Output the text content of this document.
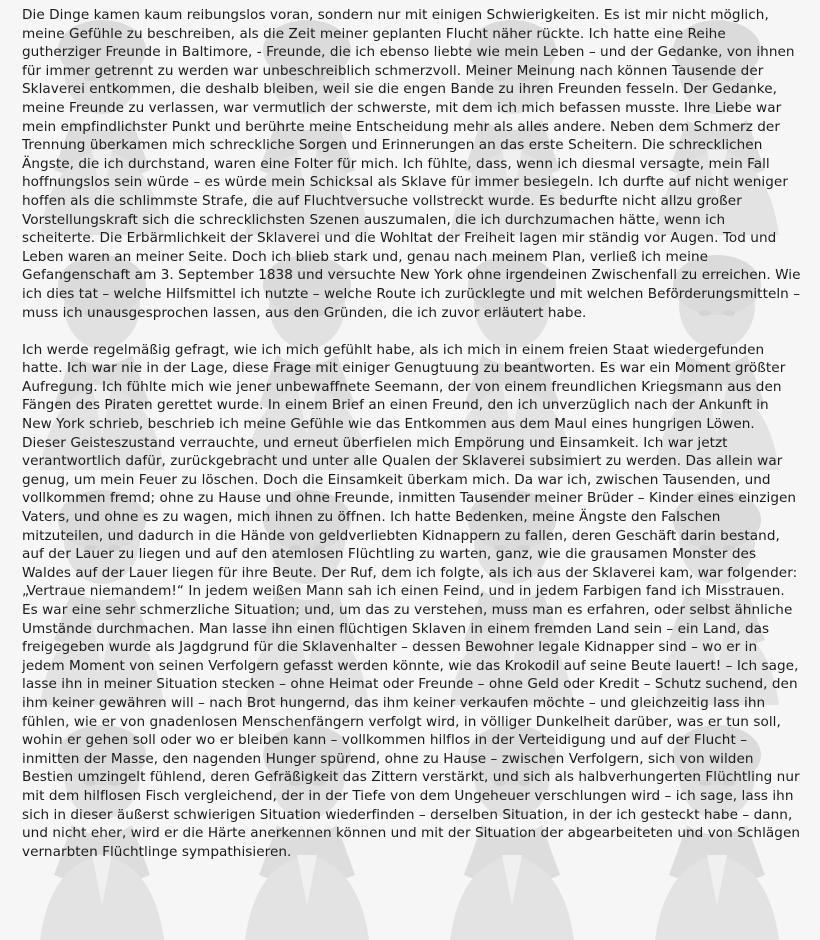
Die Dinge kamen kaum reibungslos voran, sondern nur mit einigen Schwierigkeiten. Es ist mir nicht möglich, meine Gefühle zu beschreiben, als die Zeit meiner geplanten Flucht näher rückte. Ich hatte eine Reihe gutherziger Freunde in Baltimore, - Freunde, die ich ebenso liebte wie mein Leben – und der Gedanke, von ihnen für immer getrennt zu werden war unbeschreiblich schmerzvoll. Meiner Meinung nach können Tausende der Sklaverei entkommen, die deshalb bleiben, weil sie die engen Bande zu ihren Freunden fesseln. Der Gedanke, meine Freunde zu verlassen, war vermutlich der schwerste, mit dem ich mich befassen musste. Ihre Liebe war mein empfindlichster Punkt und berührte meine Entscheidung mehr als alles andere. Neben dem Schmerz der Trennung überkamen mich schreckliche Sorgen und Erinnerungen an das erste Scheitern. Die schrecklichen Ängste, die ich durchstand, waren eine Folter für mich. Ich fühlte, dass, wenn ich diesmal versagte, mein Fall hoffnungslos sein würde – es würde mein Schicksal als Sklave für immer besiegeln. Ich durfte auf nicht weniger hoffen als die schlimmste Strafe, die auf Fluchtversuche vollstreckt wurde. Es bedurfte nicht allzu großer Vorstellungskraft sich die schrecklichsten Szenen auszumalen, die ich durchzumachen hätte, wenn ich scheiterte. Die Erbärmlichkeit der Sklaverei und die Wohltat der Freiheit lagen mir ständig vor Augen. Tod und Leben waren an meiner Seite. Doch ich blieb stark und, genau nach meinem Plan, verließ ich meine Gefangenschaft am 3. September 1838 und versuchte New York ohne irgendeinen Zwischenfall zu erreichen. Wie ich dies tat – welche Hilfsmittel ich nutzte – welche Route ich zurücklegte und mit welchen Beförderungsmitteln – muss ich unausgesprochen lassen, aus den Gründen, die ich zuvor erläutert habe.

Ich werde regelmäßig gefragt, wie ich mich gefühlt habe, als ich mich in einem freien Staat wiedergefunden hatte. Ich war nie in der Lage, diese Frage mit einiger Genugtuung zu beantworten. Es war ein Moment größter Aufregung. Ich fühlte mich wie jener unbewaffnete Seemann, der von einem freundlichen Kriegsmann aus den Fängen des Piraten gerettet wurde. In einem Brief an einen Freund, den ich unverzüglich nach der Ankunft in New York schrieb, beschrieb ich meine Gefühle wie das Entkommen aus dem Maul eines hungrigen Löwen. Dieser Geisteszustand verrauchte, und erneut überfielen mich Empörung und Einsamkeit. Ich war jetzt verantwortlich dafür, zurückgebracht und unter alle Qualen der Sklaverei subsimiert zu werden. Das allein war genug, um mein Feuer zu löschen. Doch die Einsamkeit überkam mich. Da war ich, zwischen Tausenden, und vollkommen fremd; ohne zu Hause und ohne Freunde, inmitten Tausender meiner Brüder – Kinder eines einzigen Vaters, und ohne es zu wagen, mich ihnen zu öffnen. Ich hatte Bedenken, meine Ängste den Falschen mitzuteilen, und dadurch in die Hände von geldverliebten Kidnappern zu fallen, deren Geschäft darin bestand, auf der Lauer zu liegen und auf den atemlosen Flüchtling zu warten, ganz, wie die grausamen Monster des Waldes auf der Lauer liegen für ihre Beute. Der Ruf, dem ich folgte, als ich aus der Sklaverei kam, war folgender: „Vertraue niemandem!“ In jedem weißen Mann sah ich einen Feind, und in jedem Farbigen fand ich Misstrauen. Es war eine sehr schmerzliche Situation; und, um das zu verstehen, muss man es erfahren, oder selbst ähnliche Umstände durchmachen. Man lasse ihn einen flüchtigen Sklaven in einem fremden Land sein – ein Land, das freigegeben wurde als Jagdgrund für die Sklavenhalter – dessen Bewohner legale Kidnapper sind – wo er in jedem Moment von seinen Verfolgern gefasst werden könnte, wie das Krokodil auf seine Beute lauert! – Ich sage, lasse ihn in meiner Situation stecken – ohne Heimat oder Freunde – ohne Geld oder Kredit – Schutz suchend, den ihm keiner gewähren will – nach Brot hungernd, das ihm keiner verkaufen möchte – und gleichzeitig lass ihn fühlen, wie er von gnadenlosen Menschenfängern verfolgt wird, in völliger Dunkelheit darüber, was er tun soll, wohin er gehen soll oder wo er bleiben kann – vollkommen hilflos in der Verteidigung und auf der Flucht – inmitten der Masse, den nagenden Hunger spürend, ohne zu Hause – zwischen Verfolgern, sich von wilden Bestien umzingelt fühlend, deren Gefräßigkeit das Zittern verstärkt, und sich als halbverhungerten Flüchtling nur mit dem hilflosen Fisch vergleichend, der in der Tiefe von dem Ungeheuer verschlungen wird – ich sage, lass ihn sich in dieser äußerst schwierigen Situation wiederfinden – derselben Situation, in der ich gesteckt habe – dann, und nicht eher, wird er die Härte anerkennen können und mit der Situation der abgearbeiteten und von Schlägen vernarbten Flüchtlinge sympathisieren.
